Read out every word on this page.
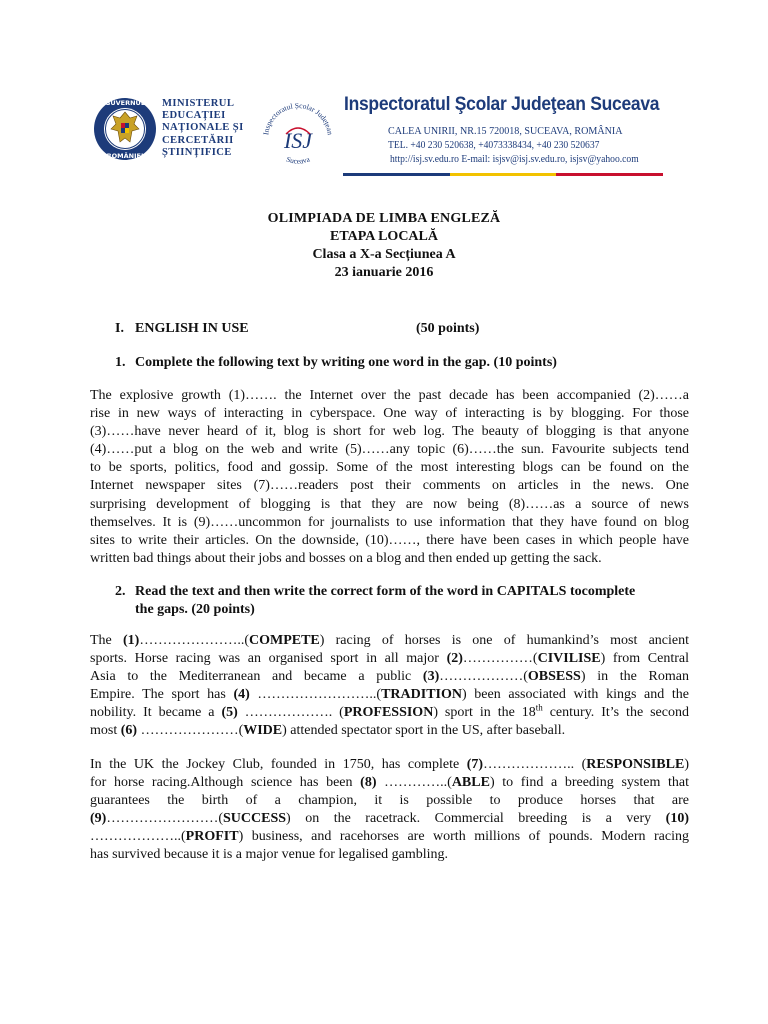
GUVERNUL
ROMÂNIEI
MINISTERUL
EDUCAȚIEI
NAȚIONALE ȘI
CERCETĂRII
ȘTIINȚIFICE
Inspectoratul Școlar Județean
Suceava
ISJ
Inspectoratul Şcolar Judeţean Suceava
CALEA UNIRII, NR.15 720018, SUCEAVA, ROMÂNIA
TEL. +40 230 520638, +4073338434, +40 230 520637
http://isj.sv.edu.ro E-mail: isjsv@isj.sv.edu.ro, isjsv@yahoo.com
OLIMPIADA DE LIMBA ENGLEZĂ
ETAPA LOCALĂ
Clasa a X-a Secțiunea A
23 ianuarie 2016
I. ENGLISH IN USE	(50 points)
1. Complete the following text by writing one word in the gap. (10 points)
The explosive growth (1)……. the Internet over the past decade has been accompanied (2)……a
rise in new ways of interacting in cyberspace. One way of interacting is by blogging. For those
(3)……have never heard of it, blog is short for web log. The beauty of blogging is that anyone
(4)……put a blog on the web and write (5)……any topic (6)……the sun. Favourite subjects tend
to be sports, politics, food and gossip. Some of the most interesting blogs can be found on the
Internet newspaper sites (7)……readers post their comments on articles in the news. One
surprising development of blogging is that they are now being (8)……as a source of news
themselves. It is (9)……uncommon for journalists to use information that they have found on blog
sites to write their articles. On the downside, (10)……, there have been cases in which people have
written bad things about their jobs and bosses on a blog and then ended up getting the sack.
2. Read the text and then write the correct form of the word in CAPITALS tocomplete
the gaps. (20 points)
The (1)…………………..(COMPETE) racing of horses is one of humankind’s most ancient
sports. Horse racing was an organised sport in all major (2)……………(CIVILISE) from Central
Asia to the Mediterranean and became a public (3)………………(OBSESS) in the Roman
Empire. The sport has (4) ……………………..(TRADITION) been associated with kings and the
nobility. It became a (5) ………………. (PROFESSION) sport in the 18th century. It’s the second
most (6) …………………(WIDE) attended spectator sport in the US, after baseball.
In the UK the Jockey Club, founded in 1750, has complete (7)……………….. (RESPONSIBLE)
for horse racing.Although science has been (8) …………..(ABLE) to find a breeding system that
guarantees the birth of a champion, it is possible to produce horses that are
(9)……………………(SUCCESS) on the racetrack. Commercial breeding is a very (10)
………………..(PROFIT) business, and racehorses are worth millions of pounds. Modern racing
has survived because it is a major venue for legalised gambling.
